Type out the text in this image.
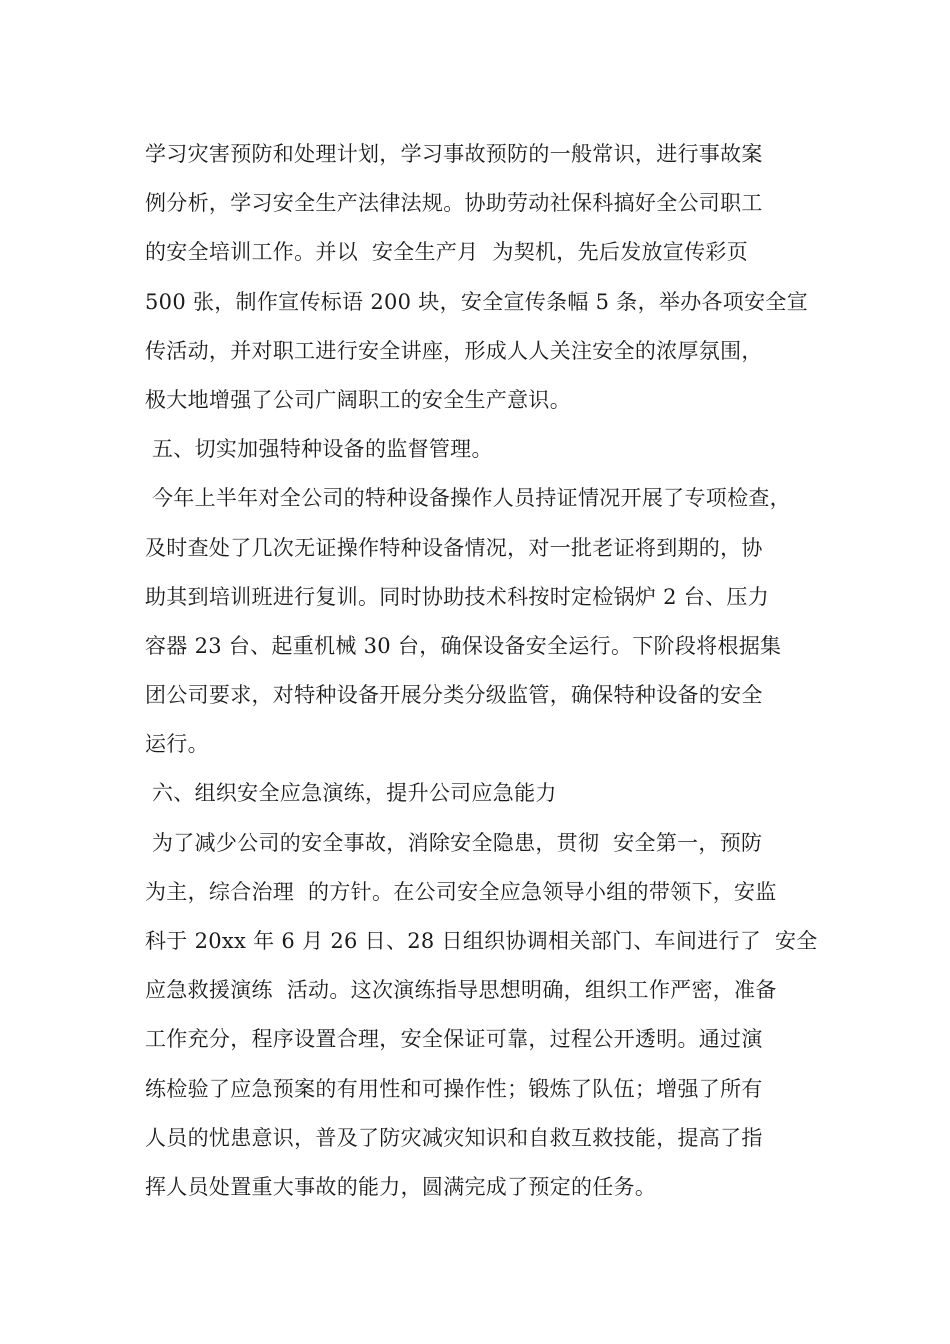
学习灾害预防和处理计划，学习事故预防的一般常识，进行事故案
例分析，学习安全生产法律法规。协助劳动社保科搞好全公司职工
的安全培训工作。并以  安全生产月  为契机，先后发放宣传彩页
500 张，制作宣传标语 200 块，安全宣传条幅 5 条，举办各项安全宣
传活动，并对职工进行安全讲座，形成人人关注安全的浓厚氛围，
极大地增强了公司广阔职工的安全生产意识。
五、切实加强特种设备的监督管理。
今年上半年对全公司的特种设备操作人员持证情况开展了专项检查，
及时查处了几次无证操作特种设备情况，对一批老证将到期的，协
助其到培训班进行复训。同时协助技术科按时定检锅炉 2 台、压力
容器 23 台、起重机械 30 台，确保设备安全运行。下阶段将根据集
团公司要求，对特种设备开展分类分级监管，确保特种设备的安全
运行。
六、组织安全应急演练，提升公司应急能力
为了减少公司的安全事故，消除安全隐患，贯彻  安全第一，预防
为主，综合治理  的方针。在公司安全应急领导小组的带领下，安监
科于 20xx 年 6 月 26 日、28 日组织协调相关部门、车间进行了  安全
应急救援演练  活动。这次演练指导思想明确，组织工作严密，准备
工作充分，程序设置合理，安全保证可靠，过程公开透明。通过演
练检验了应急预案的有用性和可操作性；锻炼了队伍；增强了所有
人员的忧患意识，普及了防灾减灾知识和自救互救技能，提高了指
挥人员处置重大事故的能力，圆满完成了预定的任务。
